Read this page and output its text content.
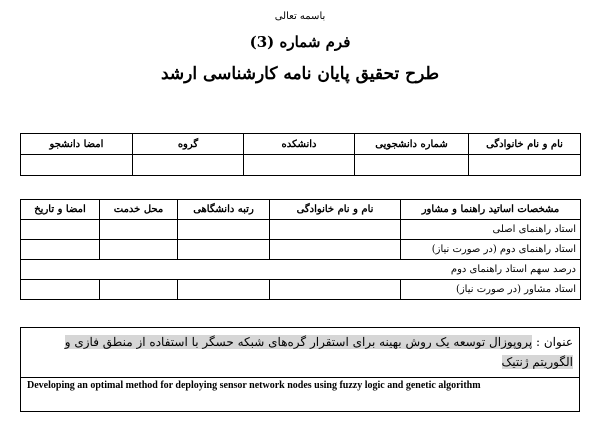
باسمه تعالی
فرم شماره (3)
طرح تحقیق پایان نامه کارشناسی ارشد
نام و نام خانوادگی	شماره دانشجویی	دانشکده	گروه	امضا دانشجو

مشخصات اساتید راهنما و مشاور	نام و نام خانوادگی	رتبه دانشگاهی	محل خدمت	امضا و تاریخ
استاد راهنمای اصلی				
استاد راهنمای دوم (در صورت نیاز)				
درصد سهم استاد راهنمای دوم				
استاد مشاور (در صورت نیاز)				
عنوان : پروپوزال توسعه یک روش بهینه برای استقرار گره‌های شبکه حسگر با استفاده از منطق فازی و الگوریتم ژنتیک
Developing an optimal method for deploying sensor network nodes using fuzzy logic and genetic algorithm
